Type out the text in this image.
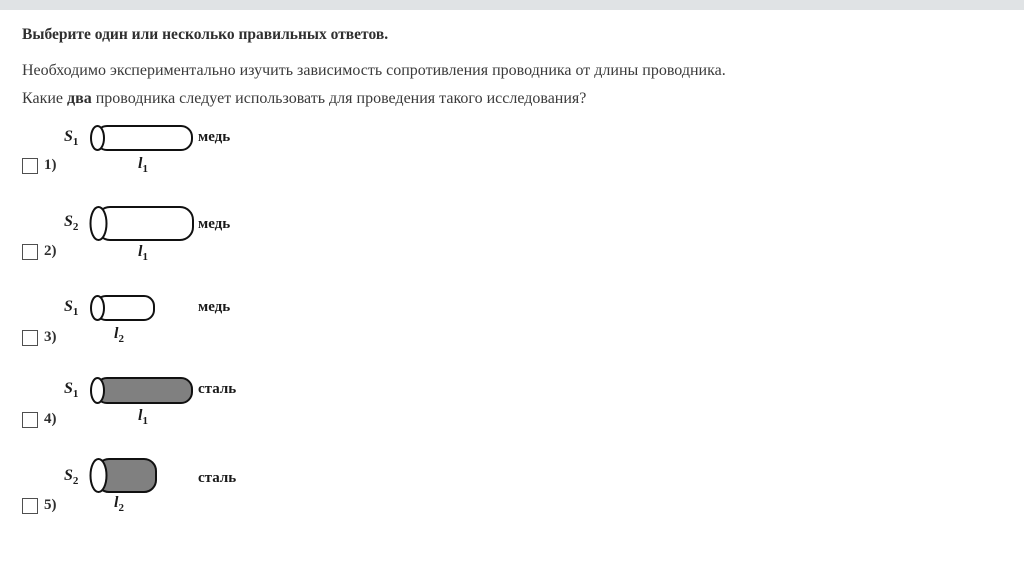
Выберите один или несколько правильных ответов.
Необходимо экспериментально изучить зависимость сопротивления проводника от длины проводника.
Какие два проводника следует использовать для проведения такого исследования?
$S_1$	медь
$l_1$
1)
$S_2$	медь
$l_1$
2)
$S_1$	медь
$l_2$
3)
$S_1$	сталь
$l_1$
4)
$S_2$	сталь
$l_2$
5)
